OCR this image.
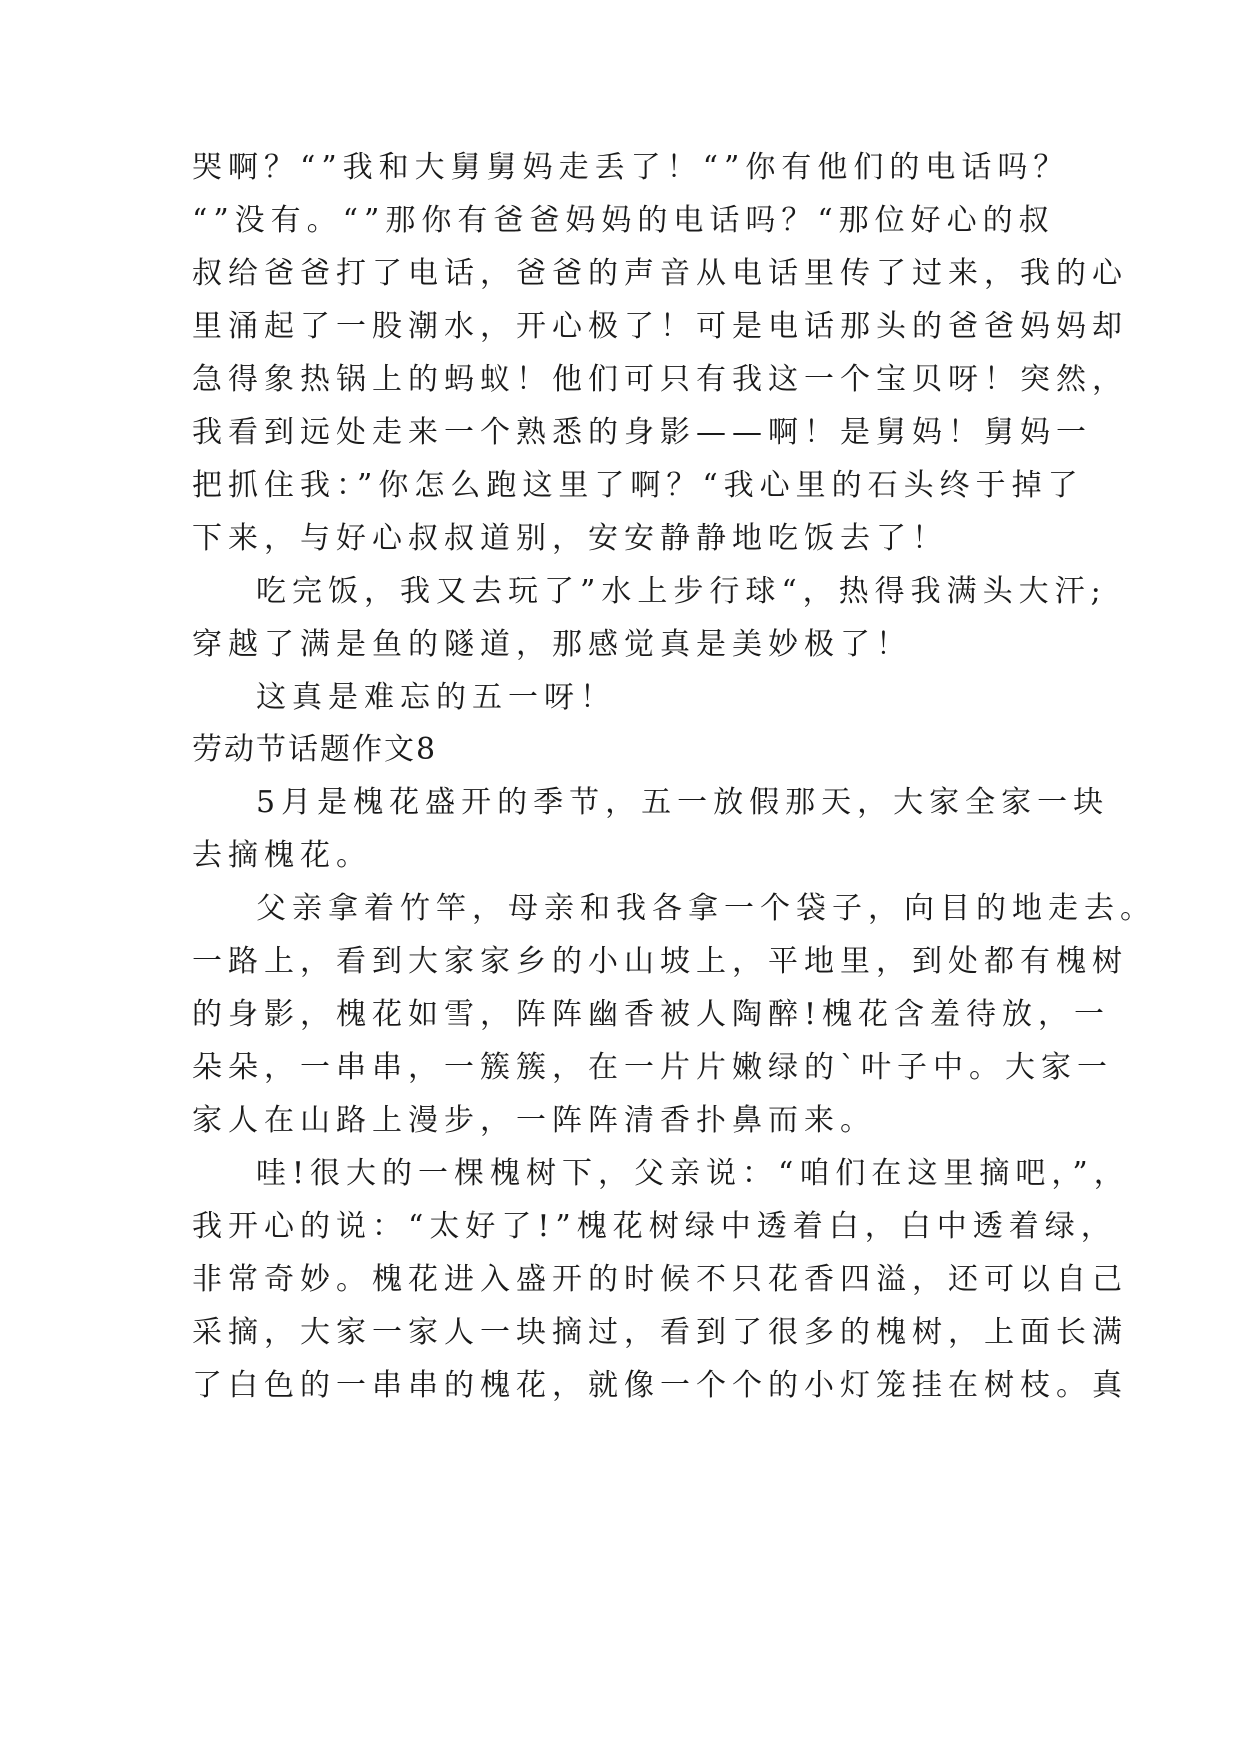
哭啊？“”我和大舅舅妈走丢了！“”你有他们的电话吗？
“”没有。“”那你有爸爸妈妈的电话吗？“那位好心的叔
叔给爸爸打了电话，爸爸的声音从电话里传了过来，我的心
里涌起了一股潮水，开心极了！可是电话那头的爸爸妈妈却
急得象热锅上的蚂蚁！他们可只有我这一个宝贝呀！突然，
我看到远处走来一个熟悉的身影——啊！是舅妈！舅妈一
把抓住我：”你怎么跑这里了啊？“我心里的石头终于掉了
下来，与好心叔叔道别，安安静静地吃饭去了！
吃完饭，我又去玩了”水上步行球“，热得我满头大汗;
穿越了满是鱼的隧道，那感觉真是美妙极了！
这真是难忘的五一呀！
劳动节话题作文8
5月是槐花盛开的季节，五一放假那天，大家全家一块
去摘槐花。
父亲拿着竹竿，母亲和我各拿一个袋子，向目的地走去。
一路上，看到大家家乡的小山坡上，平地里，到处都有槐树
的身影，槐花如雪，阵阵幽香被人陶醉!槐花含羞待放，一
朵朵，一串串，一簇簇，在一片片嫩绿的`叶子中。大家一
家人在山路上漫步，一阵阵清香扑鼻而来。
哇!很大的一棵槐树下，父亲说：“咱们在这里摘吧，”，
我开心的说：“太好了!”槐花树绿中透着白，白中透着绿，
非常奇妙。槐花进入盛开的时候不只花香四溢，还可以自己
采摘，大家一家人一块摘过，看到了很多的槐树，上面长满
了白色的一串串的槐花，就像一个个的小灯笼挂在树枝。真
